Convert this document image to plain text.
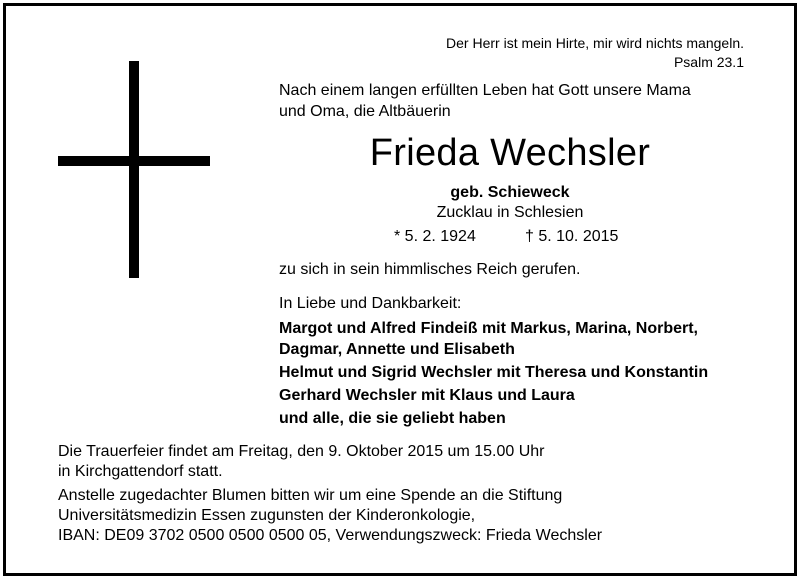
Der Herr ist mein Hirte, mir wird nichts mangeln.
Psalm 23.1
Nach einem langen erfüllten Leben hat Gott unsere Mama
und Oma, die Altbäuerin
Frieda Wechsler
geb. Schieweck
Zucklau in Schlesien
* 5. 2. 1924	† 5. 10. 2015
zu sich in sein himmlisches Reich gerufen.
In Liebe und Dankbarkeit:
Margot und Alfred Findeiß mit Markus, Marina, Norbert,
Dagmar, Annette und Elisabeth
Helmut und Sigrid Wechsler mit Theresa und Konstantin
Gerhard Wechsler mit Klaus und Laura
und alle, die sie geliebt haben
Die Trauerfeier findet am Freitag, den 9. Oktober 2015 um 15.00 Uhr
in Kirchgattendorf statt.
Anstelle zugedachter Blumen bitten wir um eine Spende an die Stiftung
Universitätsmedizin Essen zugunsten der Kinderonkologie,
IBAN: DE09 3702 0500 0500 0500 05, Verwendungszweck: Frieda Wechsler
